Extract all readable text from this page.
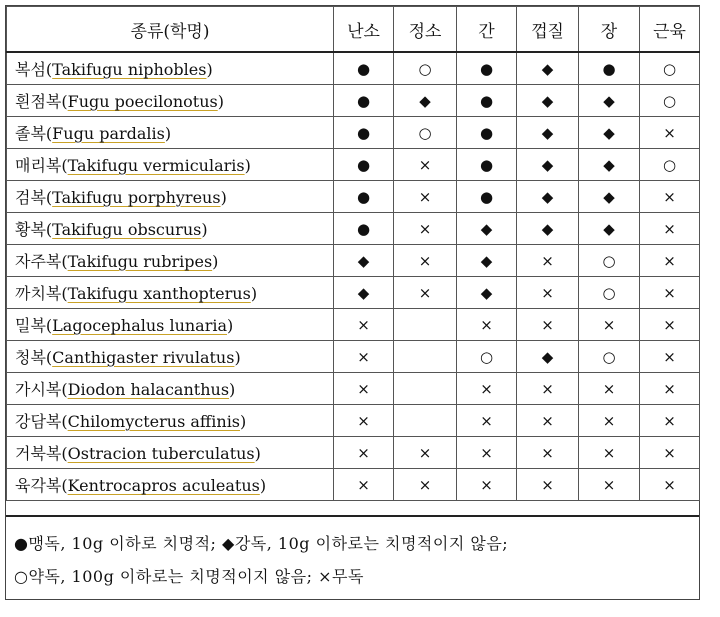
종류(학명)	난소	정소	간	껍질	장	근육
복섬(Takifugu niphobles)	●	○	●	◆	●	○
흰점복(Fugu poecilonotus)	●	◆	●	◆	◆	○
졸복(Fugu pardalis)	●	○	●	◆	◆	×
매리복(Takifugu vermicularis)	●	×	●	◆	◆	○
검복(Takifugu porphyreus)	●	×	●	◆	◆	×
황복(Takifugu obscurus)	●	×	◆	◆	◆	×
자주복(Takifugu rubripes)	◆	×	◆	×	○	×
까치복(Takifugu xanthopterus)	◆	×	◆	×	○	×
밀복(Lagocephalus lunaria)	×		×	×	×	×
청복(Canthigaster rivulatus)	×		○	◆	○	×
가시복(Diodon halacanthus)	×		×	×	×	×
강담복(Chilomycterus affinis)	×		×	×	×	×
거북복(Ostracion tuberculatus)	×	×	×	×	×	×
육각복(Kentrocapros aculeatus)	×	×	×	×	×	×
●맹독, 10g 이하로 치명적; ◆강독, 10g 이하로는 치명적이지 않음;
○약독, 100g 이하로는 치명적이지 않음; ×무독
